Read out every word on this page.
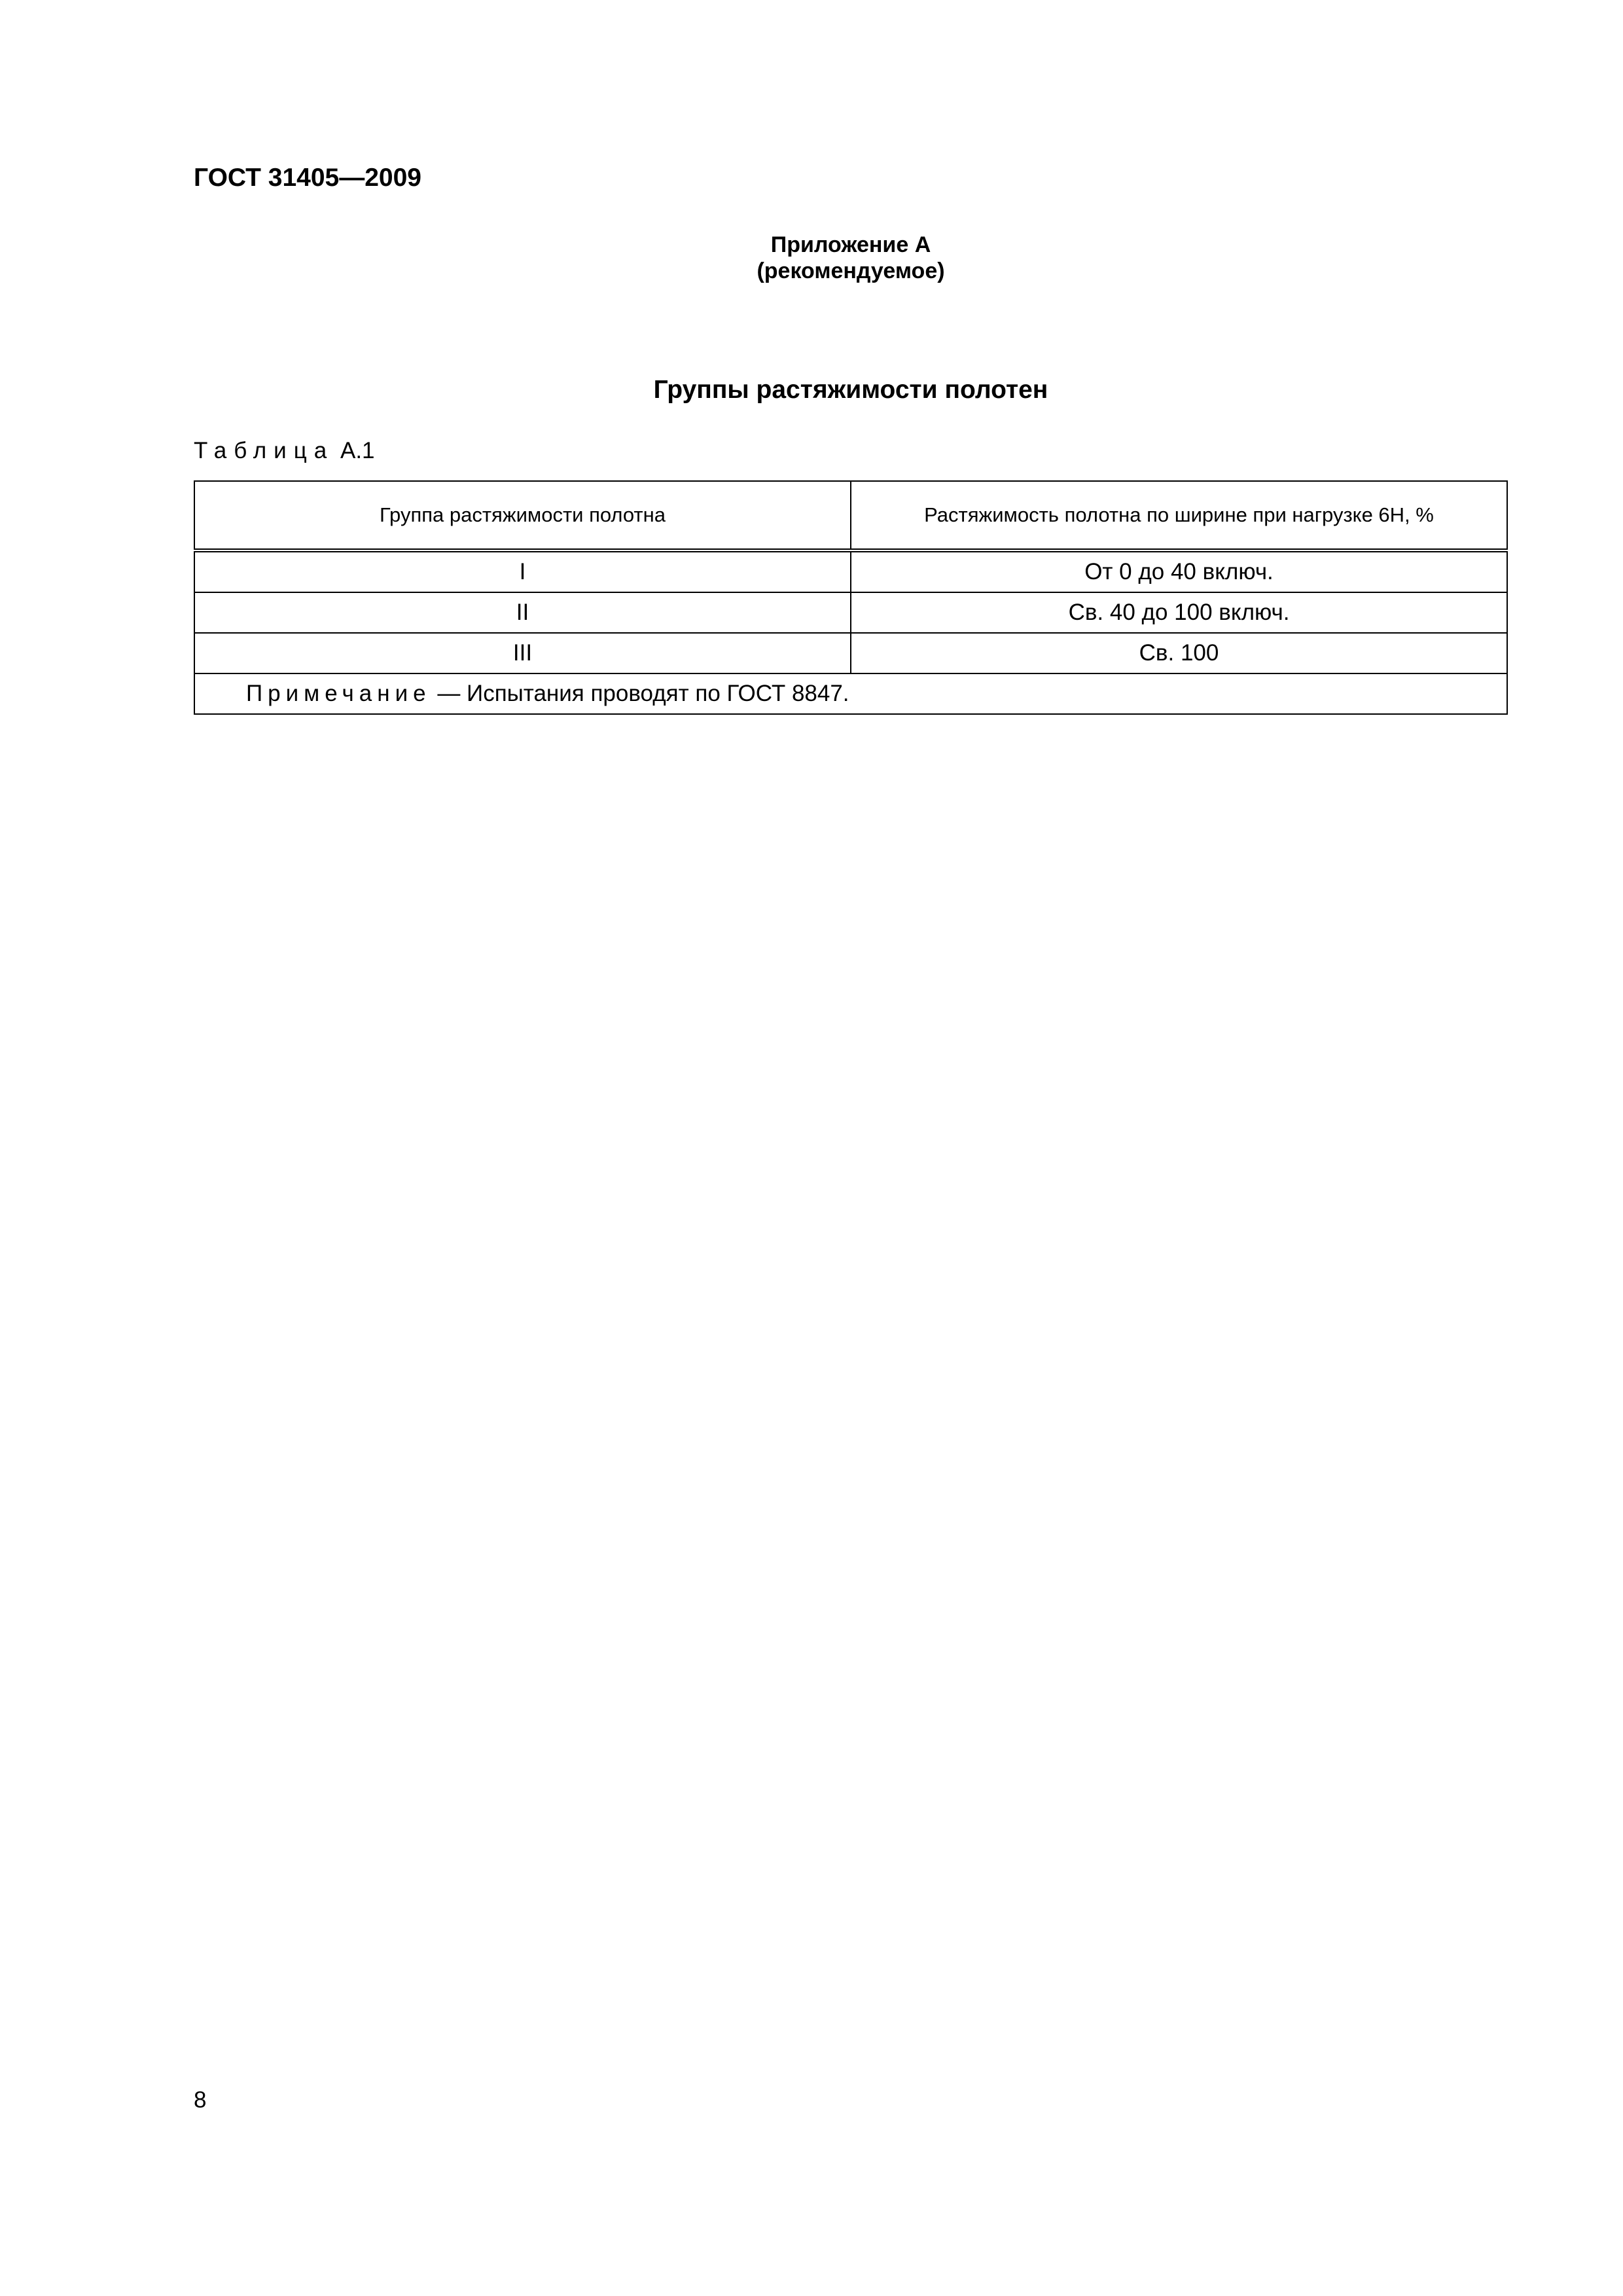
ГОСТ 31405—2009
Приложение А
(рекомендуемое)
Группы растяжимости полотен
Таблица А.1
Группа растяжимости полотна	Растяжимость полотна по ширине при нагрузке 6Н, %
I	От 0 до 40 включ.
II	Св. 40 до 100 включ.
III	Св. 100
Примечание — Испытания проводят по ГОСТ 8847.	
8
